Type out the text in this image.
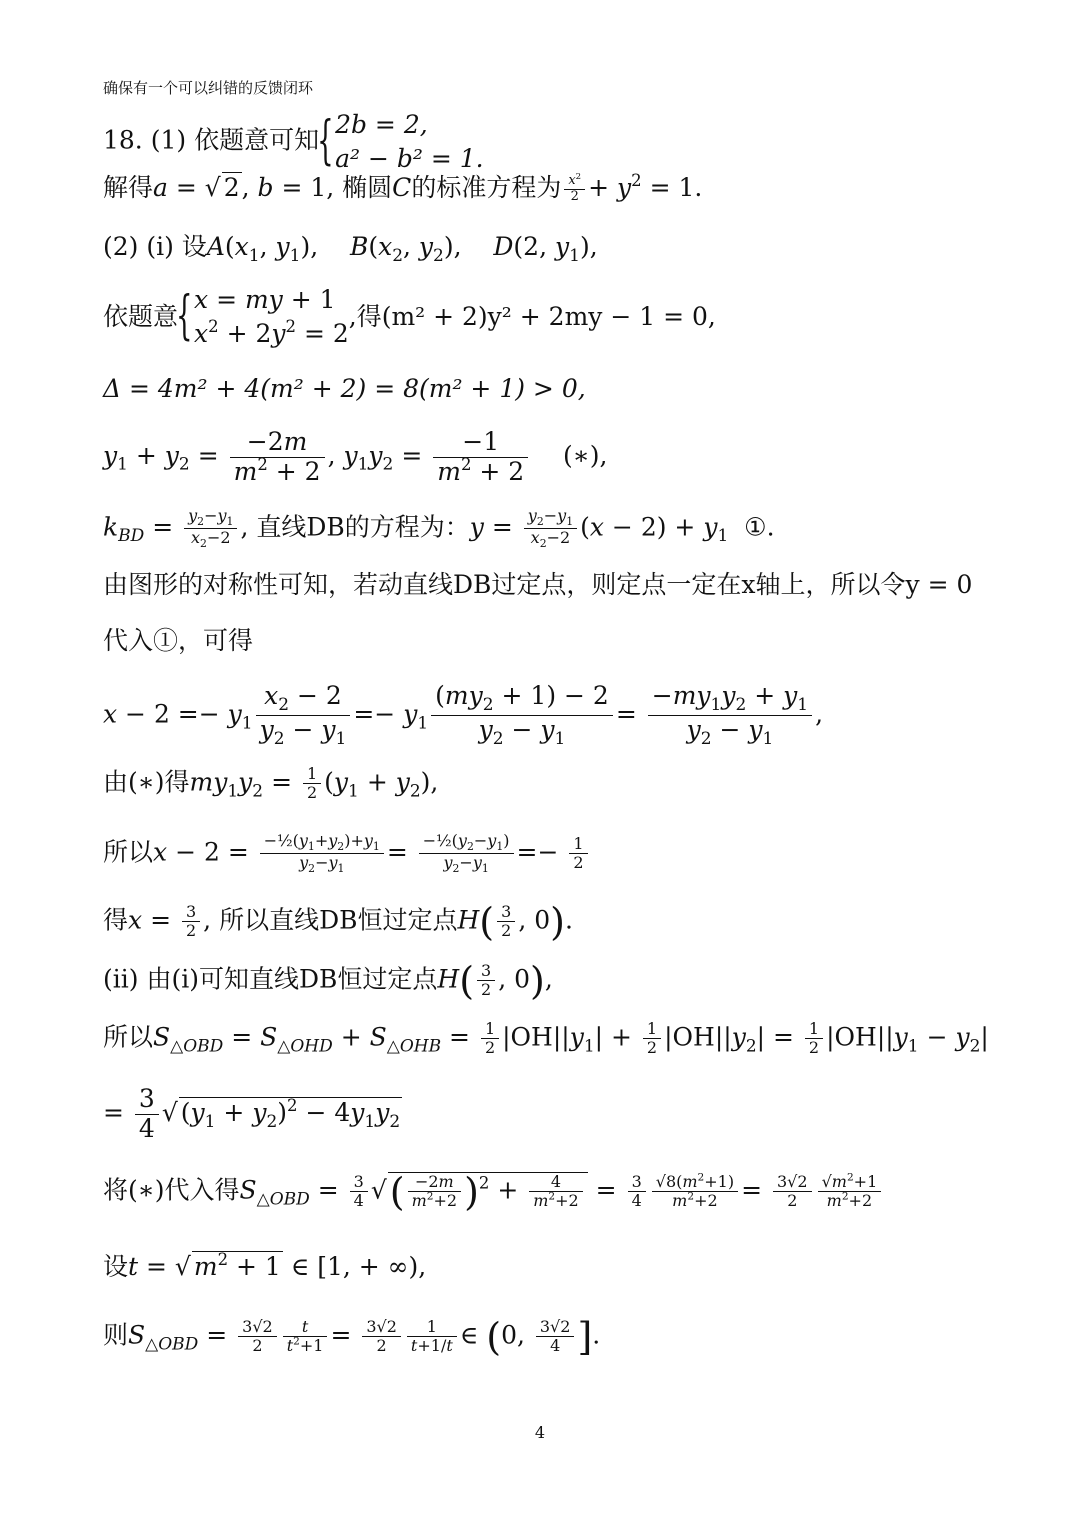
确保有一个可以纠错的反馈闭环
18. (1) 依题意可知
{ 2b = 2,
a² − b² = 1.
解得a = √ 2, b = 1, 椭圆C的标准方程为 $\frac{x^2}{2} + y^2 = 1$.
(2) (i) 设$A(x_1$, $y_1$),    $B(x_2$, $y_2$),    D(2, $y_1$),
依题意
{ x = my + 1
$x^2 + 2y^2 = 2$
,得(m² + 2)y² + 2my − 1 = 0,
Δ = 4m² + 4(m² + 2) = 8(m² + 1) > 0,
$y_1 + y_2 = \frac{-2m}{m^2 + 2}$ , $y_1y_2 = \frac{-1}{m^2 + 2}$ (∗),
$k_{BD} = \frac{y_2-y_1}{x_2-2}$ , 直线DB的方程为：$y = \frac{y_2-y_1}{x_2-2} (x - 2) + y_1$  ①.
由图形的对称性可知，若动直线DB过定点，则定点一定在x轴上，所以令y = 0
代入①，可得
$x - 2 =- y_1 \frac{x_2 - 2}{y_2 - y_1} =- y_1 \frac{(my_2 + 1) - 2}{y_2 - y_1} = \frac{-my_1y_2 + y_1}{y_2 - y_1}$ ,
由(∗)得$my_1y_2 = \frac{1}{2} (y_1 + y_2)$,
所以$x - 2 = \frac{-\frac{1}{2}(y_1+y_2)+y_1}{y_2-y_1} = \frac{-\frac{1}{2}(y_2-y_1)}{y_2-y_1} =- \frac{1}{2}$
得$x = \frac{3}{2}$ , 所以直线DB恒过定点$H( \frac{3}{2}$ , 0).
(ii) 由(i)可知直线DB恒过定点$H( \frac{3}{2}$ , 0),
所以$S_{\triangle OBD} = S_{\triangle OHD} + S_{\triangle OHB} = \frac{1}{2} |OH||y_1| + \frac{1}{2} |OH||y_2| = \frac{1}{2} |OH||y_1 - y_2|$
= $\frac{3}{4}$ √ $(y_1 + y_2)^2 - 4y_1y_2$
将(∗)代入得$S_{\triangle OBD} = \frac{3}{4}$ √( $\frac{-2m}{m^2+2} )^2 + \frac{4}{m^2+2} = \frac{3}{4} \frac{√8(m^2+1)}{m^2+2} = \frac{3√2}{2} \frac{√m^2+1}{m^2+2}$
设t = √ $m^2 + 1$ ∈ [1, + ∞),
则$S_{\triangle OBD} = \frac{3√2}{2} \frac{t}{t^2+1} = \frac{3√2}{2} \frac{1}{t+1/t}$ ∈ (0, $\frac{3√2}{4}$ ].
4
